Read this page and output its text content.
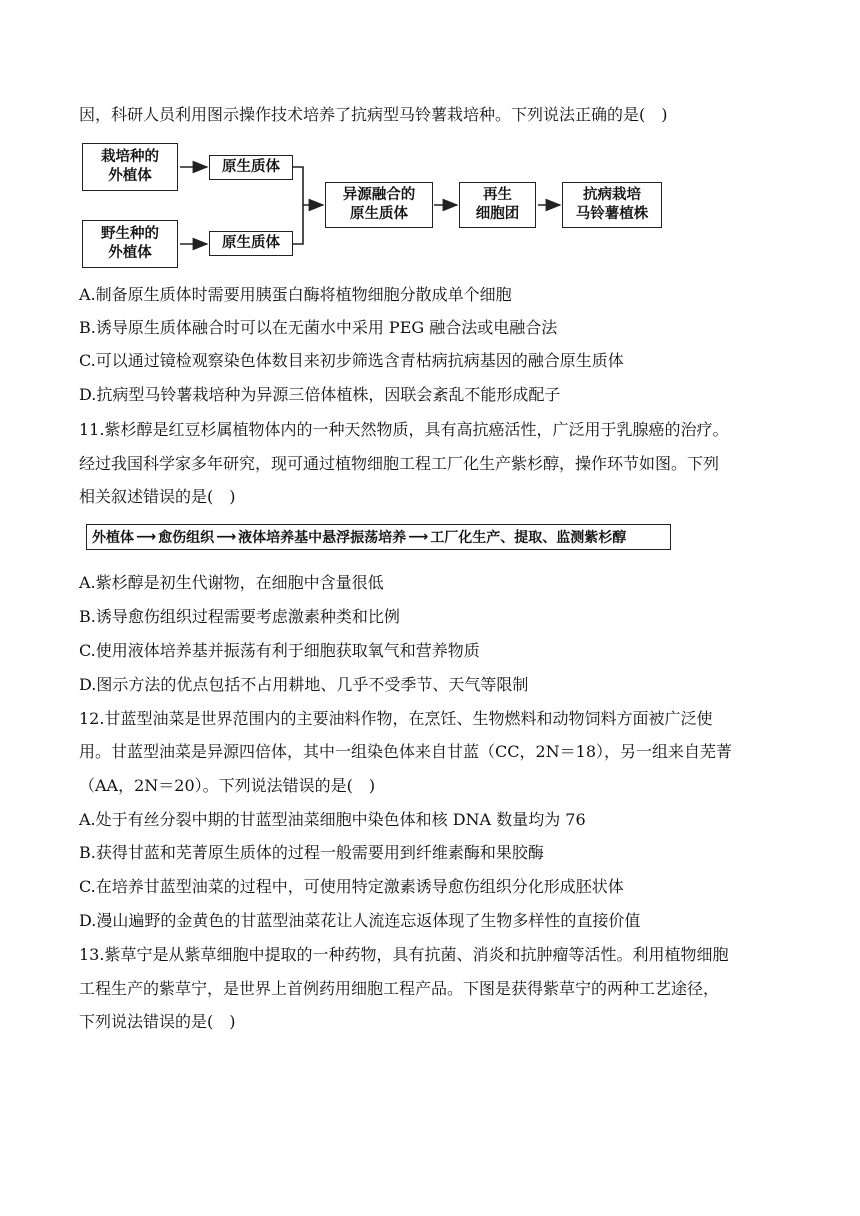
因，科研人员利用图示操作技术培养了抗病型马铃薯栽培种。下列说法正确的是(　)
栽培种的
外植体
原生质体
野生种的
外植体
原生质体
异源融合的
原生质体
再生
细胞团
抗病栽培
马铃薯植株
A.制备原生质体时需要用胰蛋白酶将植物细胞分散成单个细胞
B.诱导原生质体融合时可以在无菌水中采用 PEG 融合法或电融合法
C.可以通过镜检观察染色体数目来初步筛选含青枯病抗病基因的融合原生质体
D.抗病型马铃薯栽培种为异源三倍体植株，因联会紊乱不能形成配子
11.紫杉醇是红豆杉属植物体内的一种天然物质，具有高抗癌活性，广泛用于乳腺癌的治疗。
经过我国科学家多年研究，现可通过植物细胞工程工厂化生产紫杉醇，操作环节如图。下列
相关叙述错误的是(　)
外植体 ⟶ 愈伤组织 ⟶ 液体培养基中悬浮振荡培养 ⟶ 工厂化生产、提取、监测紫杉醇
A.紫杉醇是初生代谢物，在细胞中含量很低
B.诱导愈伤组织过程需要考虑激素种类和比例
C.使用液体培养基并振荡有利于细胞获取氧气和营养物质
D.图示方法的优点包括不占用耕地、几乎不受季节、天气等限制
12.甘蓝型油菜是世界范围内的主要油料作物，在烹饪、生物燃料和动物饲料方面被广泛使
用。甘蓝型油菜是异源四倍体，其中一组染色体来自甘蓝（CC，2N＝18），另一组来自芜菁
（AA，2N＝20）。下列说法错误的是(　)
A.处于有丝分裂中期的甘蓝型油菜细胞中染色体和核 DNA 数量均为 76
B.获得甘蓝和芜菁原生质体的过程一般需要用到纤维素酶和果胶酶
C.在培养甘蓝型油菜的过程中，可使用特定激素诱导愈伤组织分化形成胚状体
D.漫山遍野的金黄色的甘蓝型油菜花让人流连忘返体现了生物多样性的直接价值
13.紫草宁是从紫草细胞中提取的一种药物，具有抗菌、消炎和抗肿瘤等活性。利用植物细胞
工程生产的紫草宁，是世界上首例药用细胞工程产品。下图是获得紫草宁的两种工艺途径，
下列说法错误的是(　)
